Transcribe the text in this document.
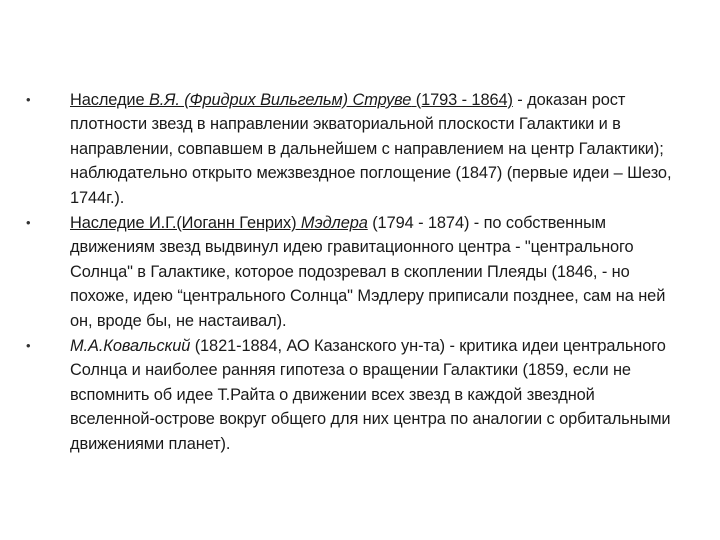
•	Наследие В.Я. (Фридрих Вильгельм) Струве (1793 - 1864) - доказан рост плотности звезд в направлении экваториальной плоскости Галактики и в направлении, совпавшем в дальнейшем с направлением на центр Галактики); наблюдательно открыто межзвездное поглощение (1847) (первые идеи – Шезо, 1744г.).
•	Наследие И.Г.(Иоганн Генрих) Мэдлера (1794 - 1874) - по собственным движениям звезд выдвинул идею гравитационного центра - "центрального Солнца" в Галактике, которое подозревал в скоплении Плеяды (1846, - но похоже, идею “центрального Солнца" Мэдлеру приписали позднее, сам на ней он, вроде бы, не настаивал).
•	М.А.Ковальский (1821-1884, АО Казанского ун-та) - критика идеи центрального Солнца и наиболее ранняя гипотеза о вращении Галактики (1859, если не вспомнить об идее Т.Райта о движении всех звезд в каждой звездной вселенной-острове вокруг общего для них центра по аналогии с орбитальными движениями планет).
